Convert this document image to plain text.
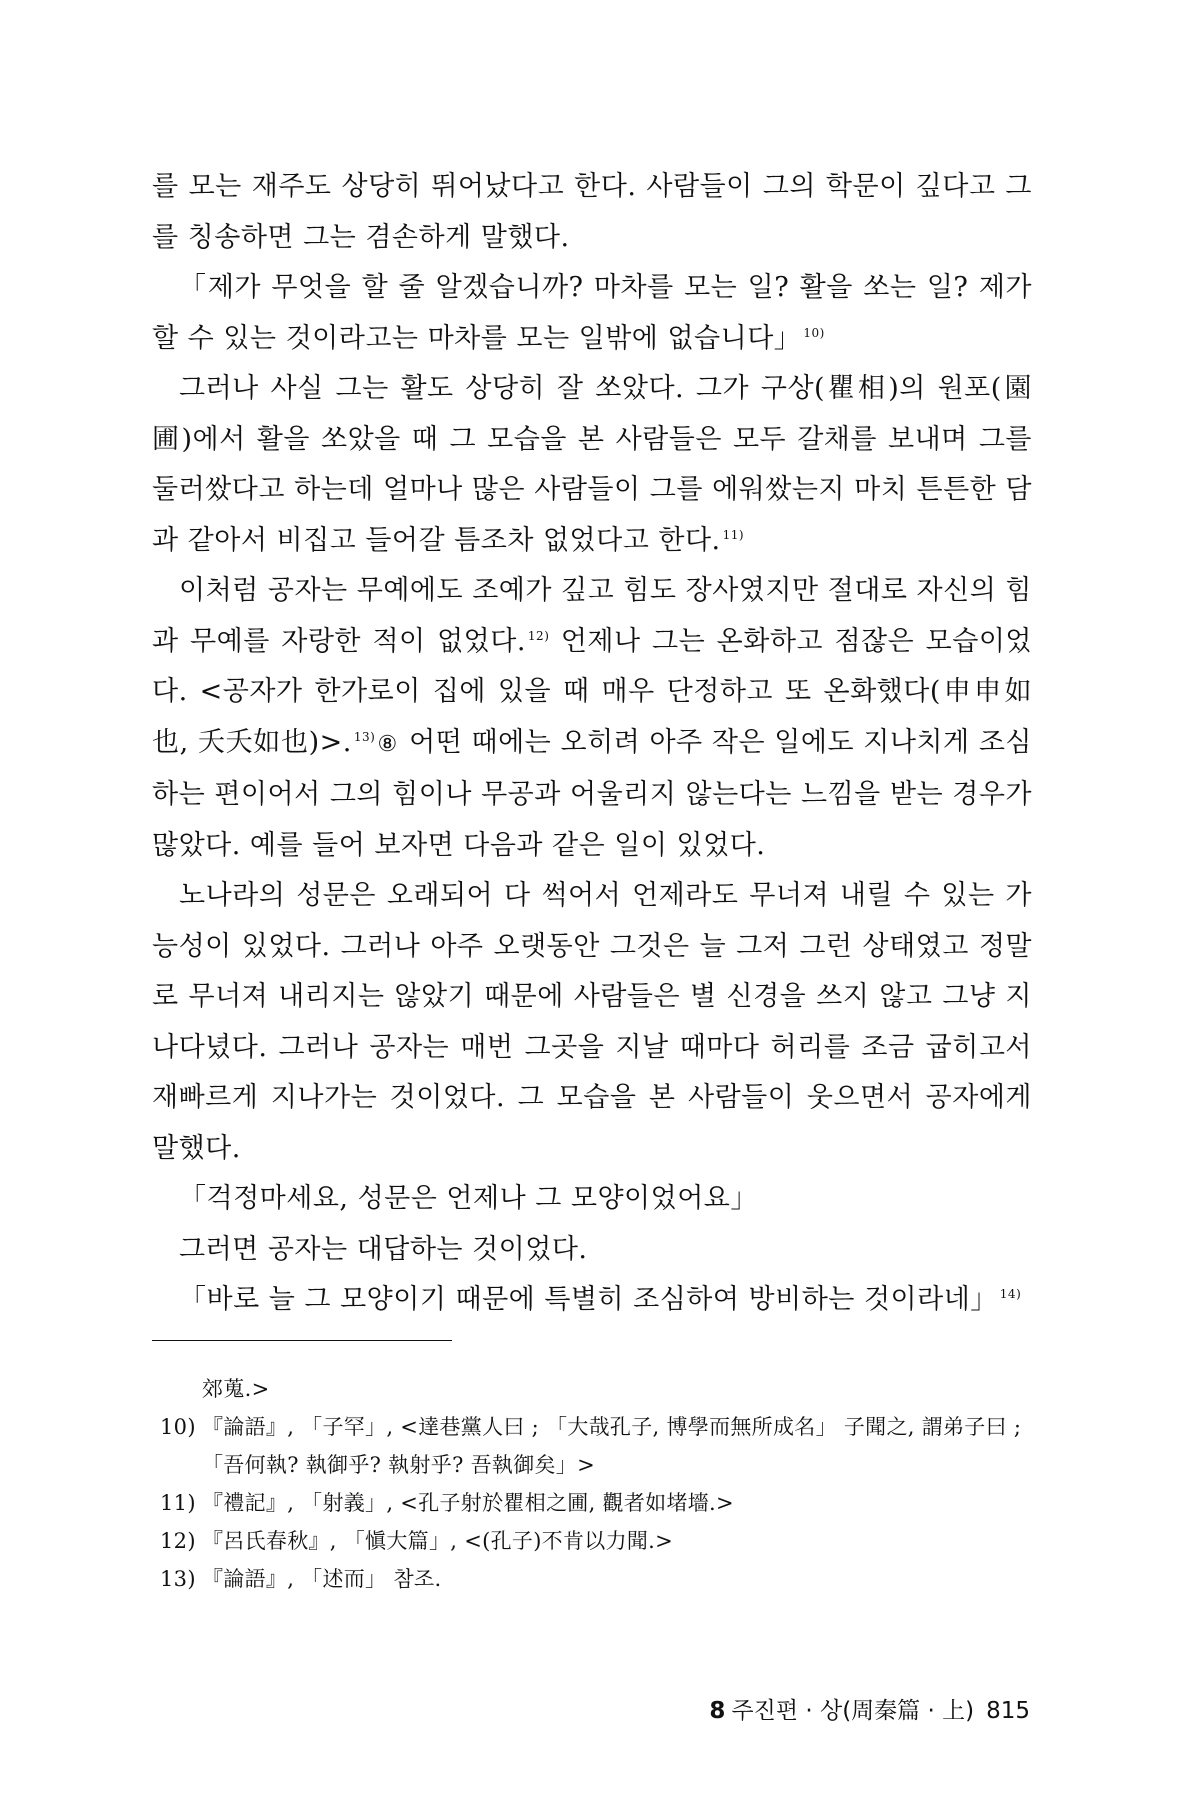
를 모는 재주도 상당히 뛰어났다고 한다. 사람들이 그의 학문이 깊다고 그를 칭송하면 그는 겸손하게 말했다.

「제가 무엇을 할 줄 알겠습니까? 마차를 모는 일? 활을 쏘는 일? 제가 할 수 있는 것이라고는 마차를 모는 일밖에 없습니다」 $^{10)}$

그러나 사실 그는 활도 상당히 잘 쏘았다. 그가 구상(瞿相)의 원포(園圃)에서 활을 쏘았을 때 그 모습을 본 사람들은 모두 갈채를 보내며 그를 둘러쌌다고 하는데 얼마나 많은 사람들이 그를 에워쌌는지 마치 튼튼한 담과 같아서 비집고 들어갈 틈조차 없었다고 한다. $^{11)}$

이처럼 공자는 무예에도 조예가 깊고 힘도 장사였지만 절대로 자신의 힘과 무예를 자랑한 적이 없었다. $^{12)}$ 언제나 그는 온화하고 점잖은 모습이었다. <공자가 한가로이 집에 있을 때 매우 단정하고 또 온화했다(申申如也, 夭夭如也)>. $^{13)}$⑧ 어떤 때에는 오히려 아주 작은 일에도 지나치게 조심하는 편이어서 그의 힘이나 무공과 어울리지 않는다는 느낌을 받는 경우가 많았다. 예를 들어 보자면 다음과 같은 일이 있었다.

노나라의 성문은 오래되어 다 썩어서 언제라도 무너져 내릴 수 있는 가능성이 있었다. 그러나 아주 오랫동안 그것은 늘 그저 그런 상태였고 정말로 무너져 내리지는 않았기 때문에 사람들은 별 신경을 쓰지 않고 그냥 지나다녔다. 그러나 공자는 매번 그곳을 지날 때마다 허리를 조금 굽히고서 재빠르게 지나가는 것이었다. 그 모습을 본 사람들이 웃으면서 공자에게 말했다.

「걱정마세요, 성문은 언제나 그 모양이었어요」

그러면 공자는 대답하는 것이었다.

「바로 늘 그 모양이기 때문에 특별히 조심하여 방비하는 것이라네」 $^{14)}$

郊蒐.>
10) 『論語』, 「子罕」, <達巷黨人曰 ; 「大哉孔子, 博學而無所成名」 子聞之, 謂弟子曰 ; 「吾何執? 執御乎? 執射乎? 吾執御矣」>
11) 『禮記』, 「射義」, <孔子射於瞿相之圃, 觀者如堵墻.>
12) 『呂氏春秋』, 「愼大篇」, <(孔子)不肯以力聞.>
13) 『論語』, 「述而」 참조.
8 주진편 · 상(周秦篇 · 上) 815
